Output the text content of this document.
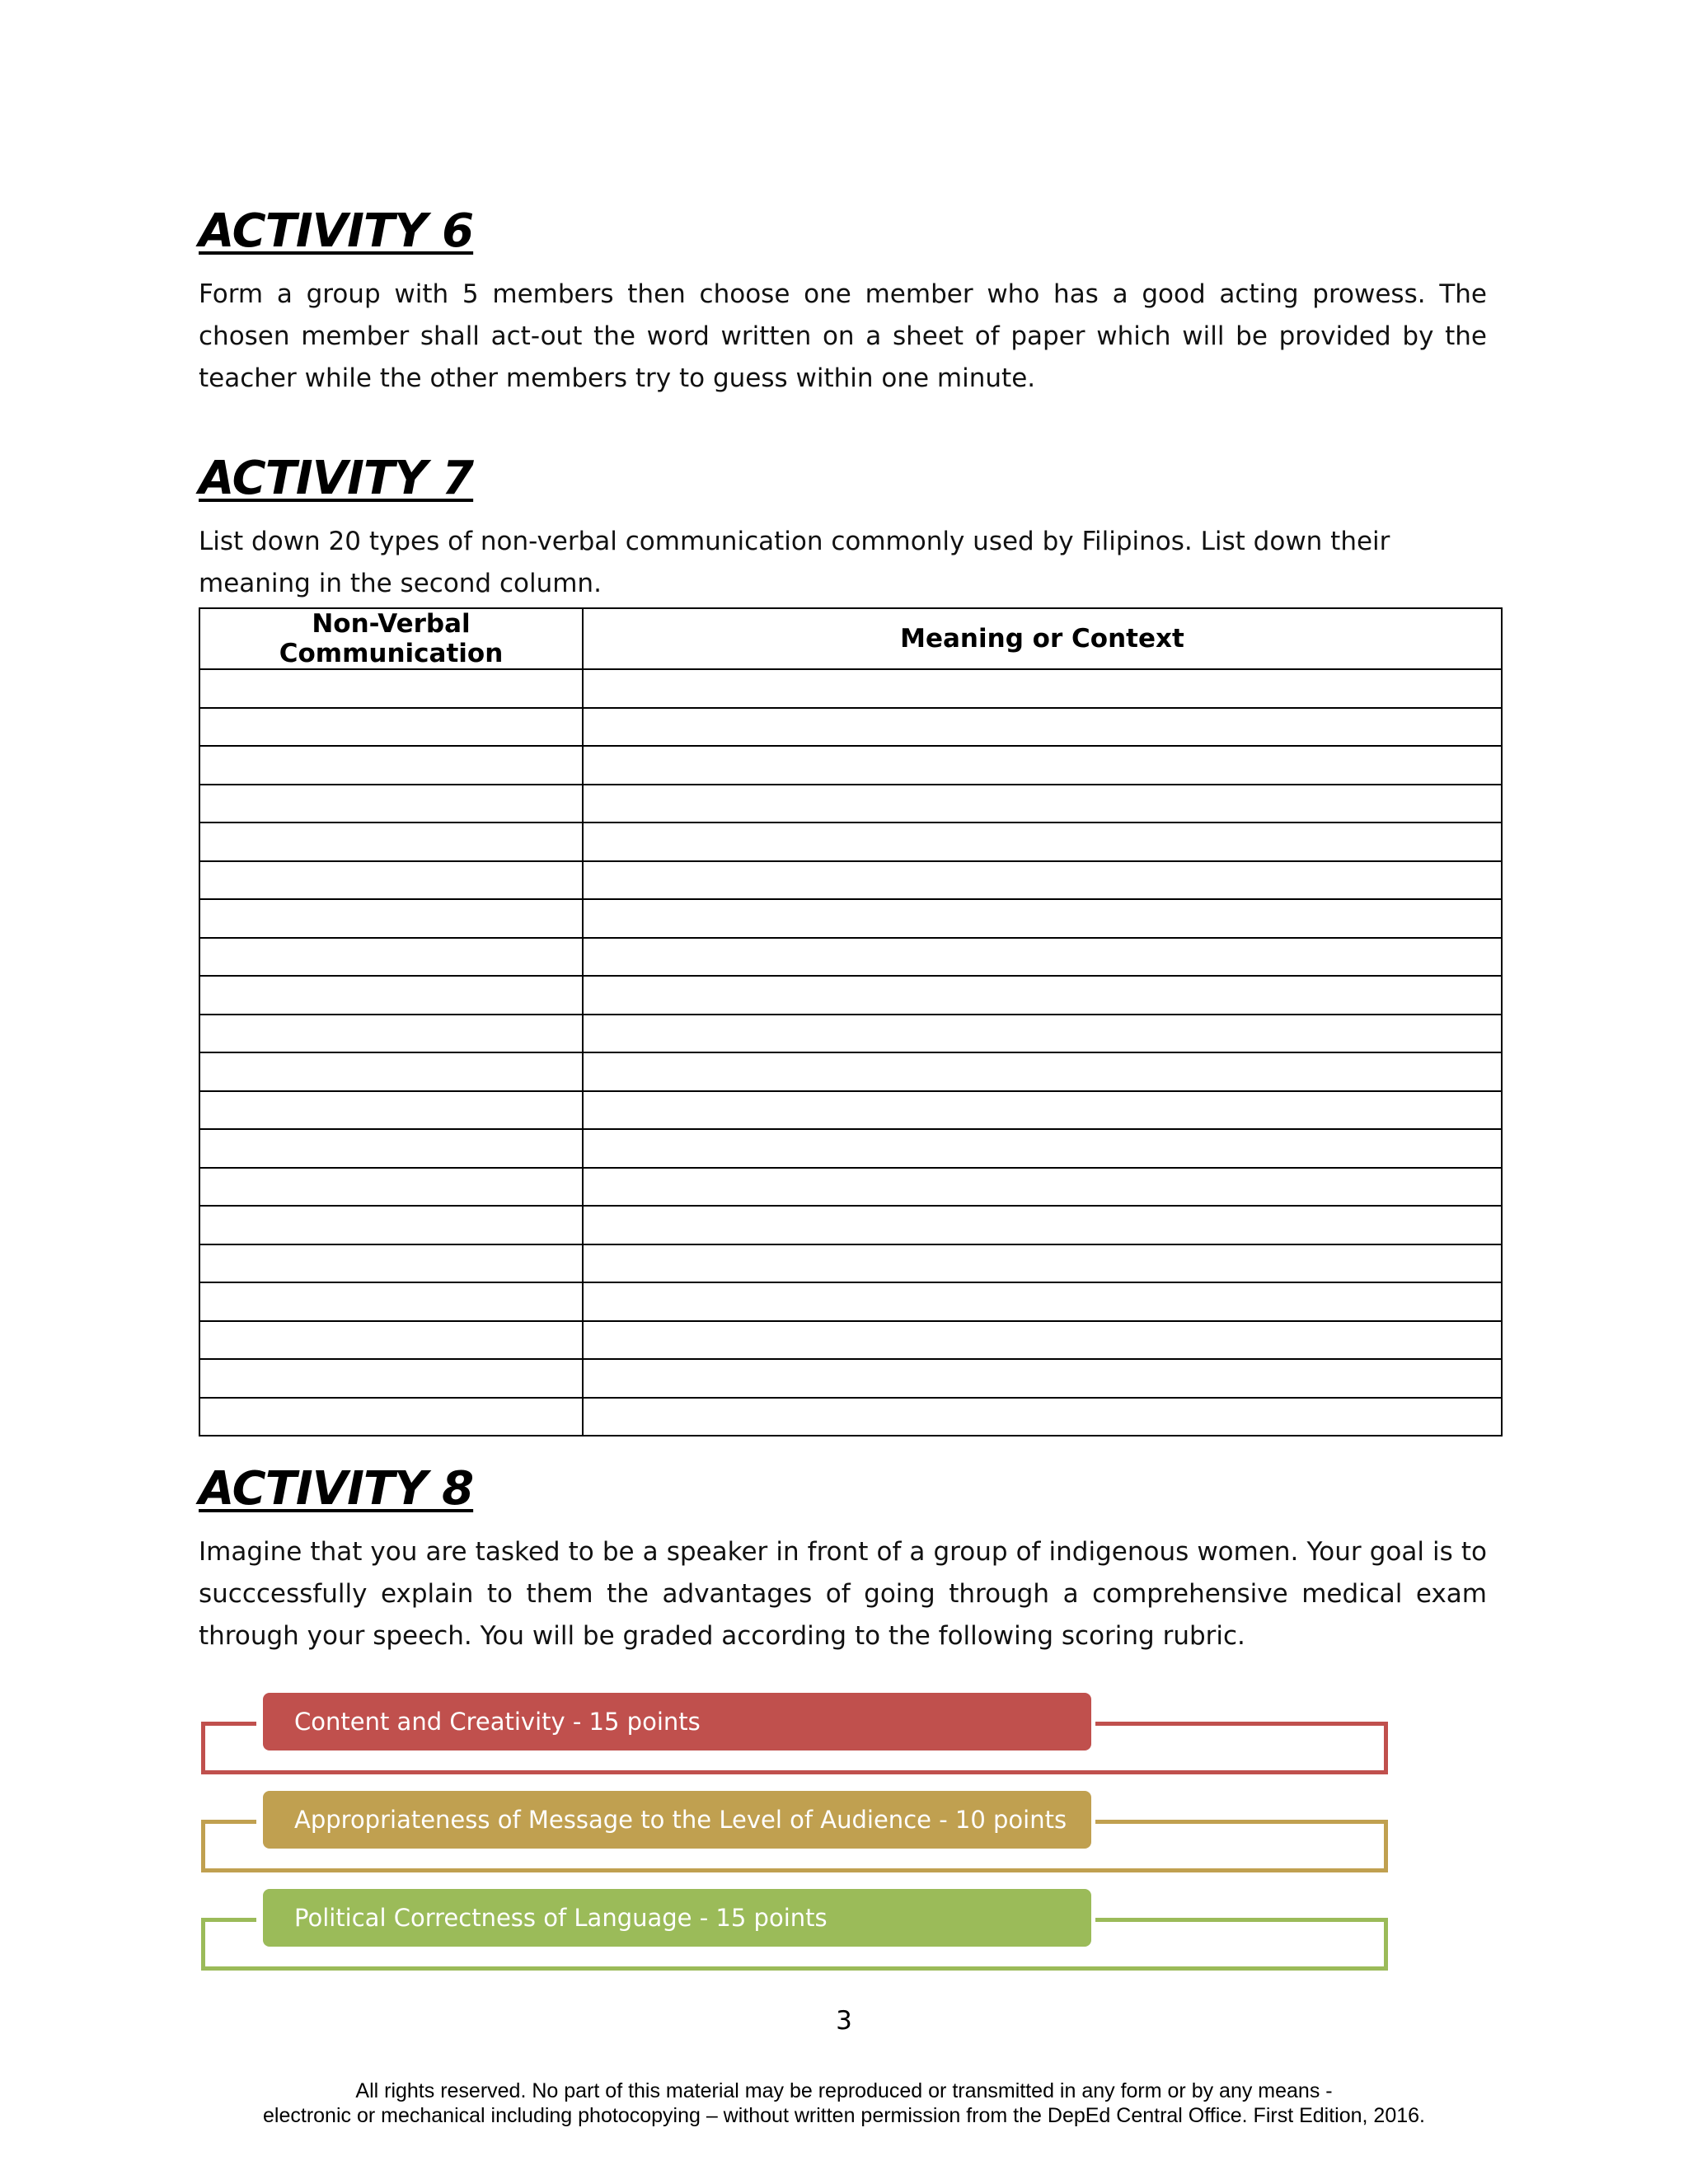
ACTIVITY 6

Form a group with 5 members then choose one member who has a good acting prowess. The chosen member shall act-out the word written on a sheet of paper which will be provided by the teacher while the other members try to guess within one minute.

ACTIVITY 7

List down 20 types of non-verbal communication commonly used by Filipinos. List down their meaning in the second column.

Non-Verbal Communication	Meaning or Context

ACTIVITY 8

Imagine that you are tasked to be a speaker in front of a group of indigenous women. Your goal is to succcessfully explain to them the advantages of going through a comprehensive medical exam through your speech. You will be graded according to the following scoring rubric.

Content and Creativity - 15 points
Appropriateness of Message to the Level of Audience - 10 points
Political Correctness of Language - 15 points
3
All rights reserved. No part of this material may be reproduced or transmitted in any form or by any means -
electronic or mechanical including photocopying – without written permission from the DepEd Central Office. First Edition, 2016.
